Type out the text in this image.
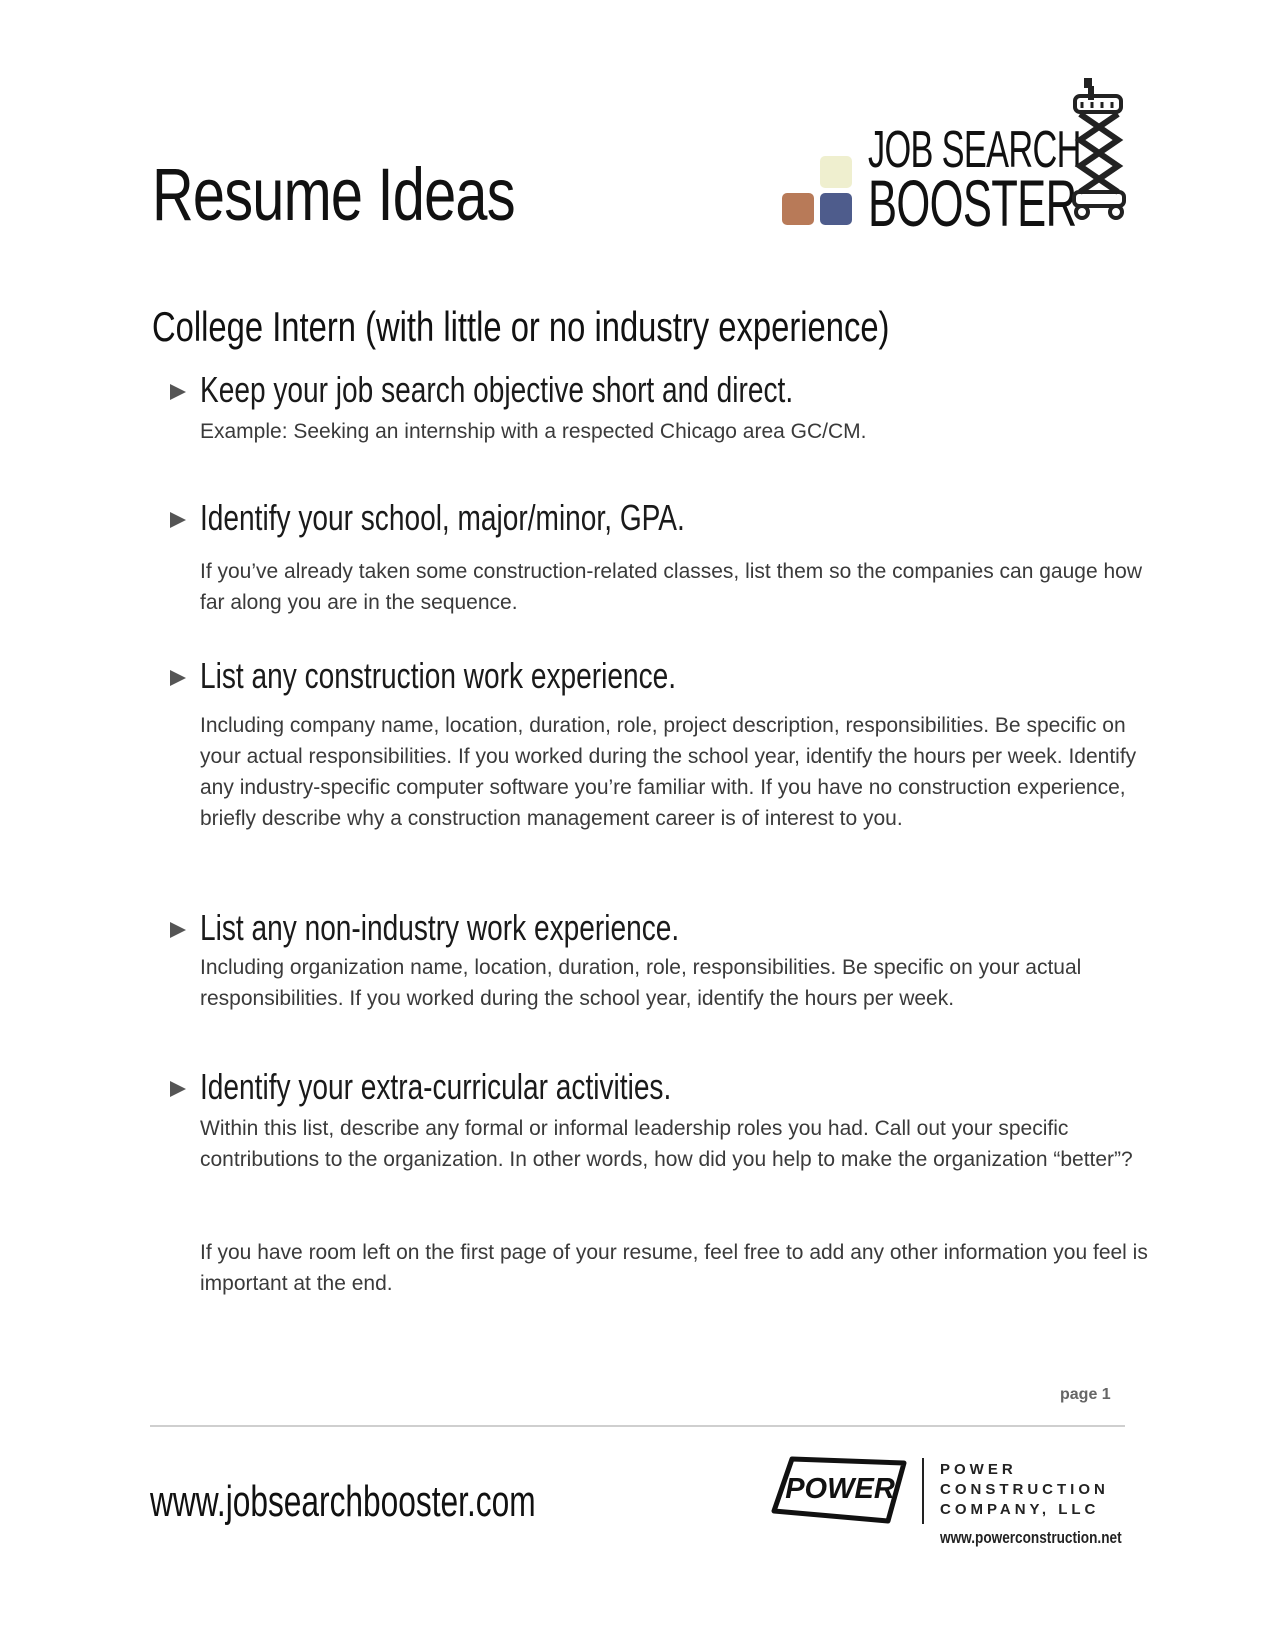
Resume Ideas
JOB SEARCH
BOOSTER
College Intern (with little or no industry experience)
Keep your job search objective short and direct.

Example: Seeking an internship with a respected Chicago area GC/CM.

Identify your school, major/minor, GPA.

If you’ve already taken some construction-related classes, list them so the companies can gauge how far along you are in the sequence.

List any construction work experience.

Including company name, location, duration, role, project description, responsibilities. Be specific on your actual responsibilities. If you worked during the school year, identify the hours per week. Identify any industry-specific computer software you’re familiar with. If you have no construction experience, briefly describe why a construction management career is of interest to you.

List any non-industry work experience.

Including organization name, location, duration, role, responsibilities. Be specific on your actual responsibilities. If you worked during the school year, identify the hours per week.

Identify your extra-curricular activities.

Within this list, describe any formal or informal leadership roles you had. Call out your specific contributions to the organization. In other words, how did you help to make the organization “better”?

If you have room left on the first page of your resume, feel free to add any other information you feel is important at the end.

page 1
www.jobsearchbooster.com	POWER
POWER
CONSTRUCTION
COMPANY, LLC
www.powerconstruction.net
